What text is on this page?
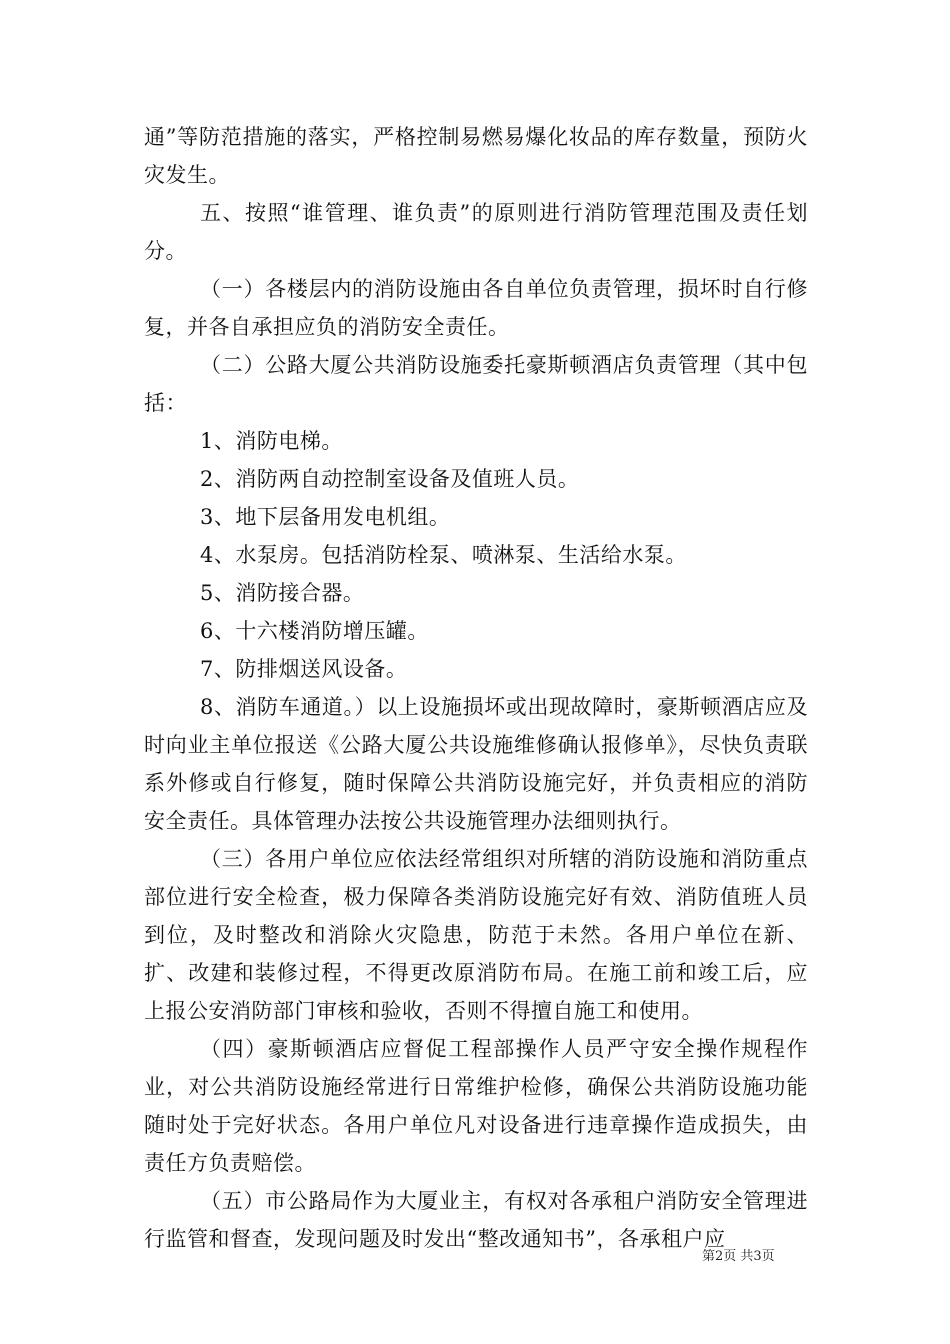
通”等防范措施的落实，严格控制易燃易爆化妆品的库存数量，预防火灾发生。

五、按照“谁管理、谁负责”的原则进行消防管理范围及责任划分。

（一）各楼层内的消防设施由各自单位负责管理，损坏时自行修复，并各自承担应负的消防安全责任。

（二）公路大厦公共消防设施委托豪斯顿酒店负责管理（其中包括：

1、消防电梯。

2、消防两自动控制室设备及值班人员。

3、地下层备用发电机组。

4、水泵房。包括消防栓泵、喷淋泵、生活给水泵。

5、消防接合器。

6、十六楼消防增压罐。

7、防排烟送风设备。

8、消防车通道。）以上设施损坏或出现故障时，豪斯顿酒店应及时向业主单位报送《公路大厦公共设施维修确认报修单》，尽快负责联系外修或自行修复，随时保障公共消防设施完好，并负责相应的消防安全责任。具体管理办法按公共设施管理办法细则执行。

（三）各用户单位应依法经常组织对所辖的消防设施和消防重点部位进行安全检查，极力保障各类消防设施完好有效、消防值班人员到位，及时整改和消除火灾隐患，防范于未然。各用户单位在新、扩、改建和装修过程，不得更改原消防布局。在施工前和竣工后，应上报公安消防部门审核和验收，否则不得擅自施工和使用。

（四）豪斯顿酒店应督促工程部操作人员严守安全操作规程作业，对公共消防设施经常进行日常维护检修，确保公共消防设施功能随时处于完好状态。各用户单位凡对设备进行违章操作造成损失，由责任方负责赔偿。

（五）市公路局作为大厦业主，有权对各承租户消防安全管理进行监管和督查，发现问题及时发出“整改通知书”，各承租户应

第2页 共3页
